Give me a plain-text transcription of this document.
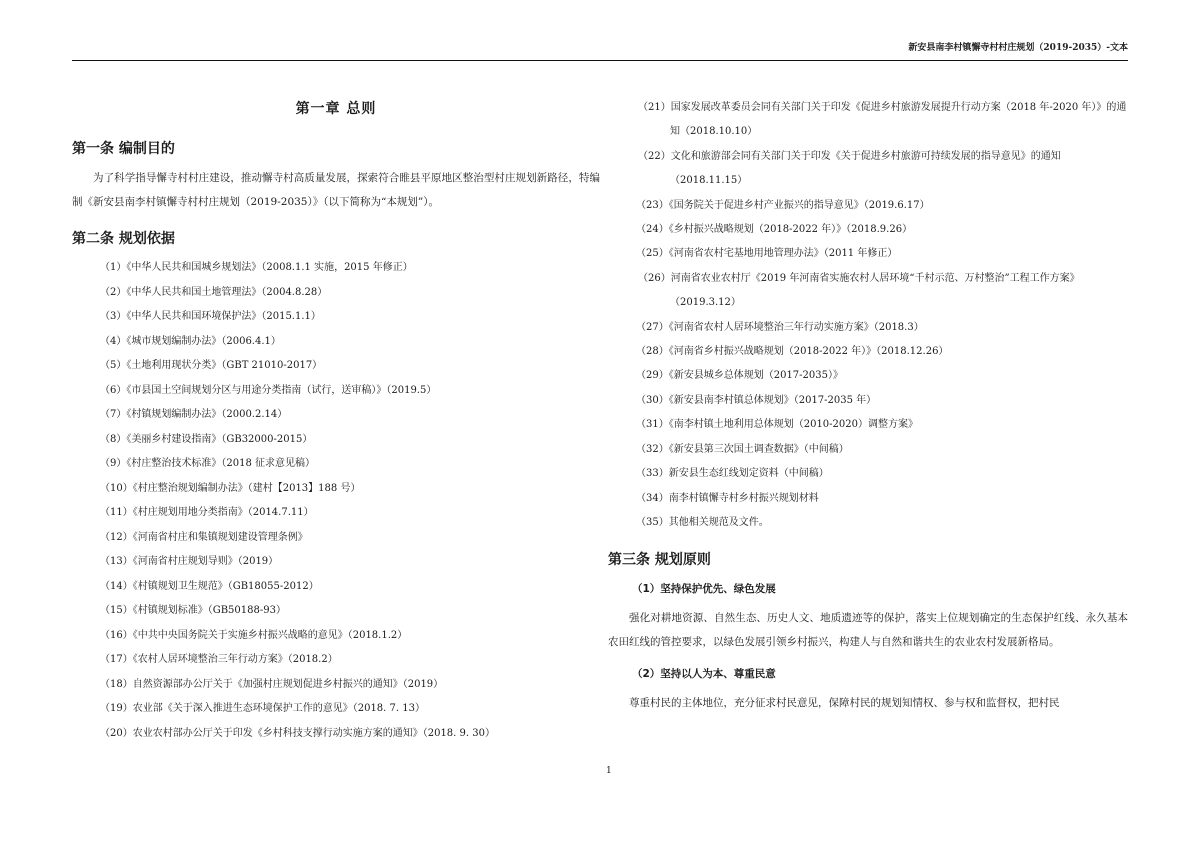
新安县南李村镇懈寺村村庄规划（2019-2035）-文本
第一章 总则
第一条 编制目的

为了科学指导懈寺村村庄建设，推动懈寺村高质量发展，探索符合睢县平原地区整治型村庄规划新路径，特编制《新安县南李村镇懈寺村村庄规划（2019-2035）》（以下简称为“本规划”）。

第二条 规划依据
（1）《中华人民共和国城乡规划法》（2008.1.1 实施，2015 年修正）
（2）《中华人民共和国土地管理法》（2004.8.28）
（3）《中华人民共和国环境保护法》（2015.1.1）
（4）《城市规划编制办法》（2006.4.1）
（5）《土地利用现状分类》（GBT 21010-2017）
（6）《市县国土空间规划分区与用途分类指南（试行，送审稿）》（2019.5）
（7）《村镇规划编制办法》（2000.2.14）
（8）《美丽乡村建设指南》（GB32000-2015）
（9）《村庄整治技术标准》（2018 征求意见稿）
（10）《村庄整治规划编制办法》（建村【2013】188 号）
（11）《村庄规划用地分类指南》（2014.7.11）
（12）《河南省村庄和集镇规划建设管理条例》
（13）《河南省村庄规划导则》（2019）
（14）《村镇规划卫生规范》（GB18055-2012）
（15）《村镇规划标准》（GB50188-93）
（16）《中共中央国务院关于实施乡村振兴战略的意见》（2018.1.2）
（17）《农村人居环境整治三年行动方案》（2018.2）
（18）自然资源部办公厅关于《加强村庄规划促进乡村振兴的通知》（2019）
（19）农业部《关于深入推进生态环境保护工作的意见》（2018. 7. 13）
（20）农业农村部办公厅关于印发《乡村科技支撑行动实施方案的通知》（2018. 9. 30）
（21）国家发展改革委员会同有关部门关于印发《促进乡村旅游发展提升行动方案（2018 年-2020 年）》的通知（2018.10.10）
（22）文化和旅游部会同有关部门关于印发《关于促进乡村旅游可持续发展的指导意见》的通知（2018.11.15）
（23）《国务院关于促进乡村产业振兴的指导意见》（2019.6.17）
（24）《乡村振兴战略规划（2018-2022 年）》（2018.9.26）
（25）《河南省农村宅基地用地管理办法》（2011 年修正）
（26）河南省农业农村厅《2019 年河南省实施农村人居环境“千村示范、万村整治”工程工作方案》（2019.3.12）
（27）《河南省农村人居环境整治三年行动实施方案》（2018.3）
（28）《河南省乡村振兴战略规划（2018-2022 年）》（2018.12.26）
（29）《新安县城乡总体规划（2017-2035）》
（30）《新安县南李村镇总体规划》（2017-2035 年）
（31）《南李村镇土地利用总体规划（2010-2020）调整方案》
（32）《新安县第三次国土调查数据》（中间稿）
（33）新安县生态红线划定资料（中间稿）
（34）南李村镇懈寺村乡村振兴规划材料
（35）其他相关规范及文件。
第三条 规划原则
（1）坚持保护优先、绿色发展

强化对耕地资源、自然生态、历史人文、地质遗迹等的保护，落实上位规划确定的生态保护红线、永久基本农田红线的管控要求，以绿色发展引领乡村振兴，构建人与自然和谐共生的农业农村发展新格局。

（2）坚持以人为本、尊重民意

尊重村民的主体地位，充分征求村民意见，保障村民的规划知情权、参与权和监督权，把村民

1
